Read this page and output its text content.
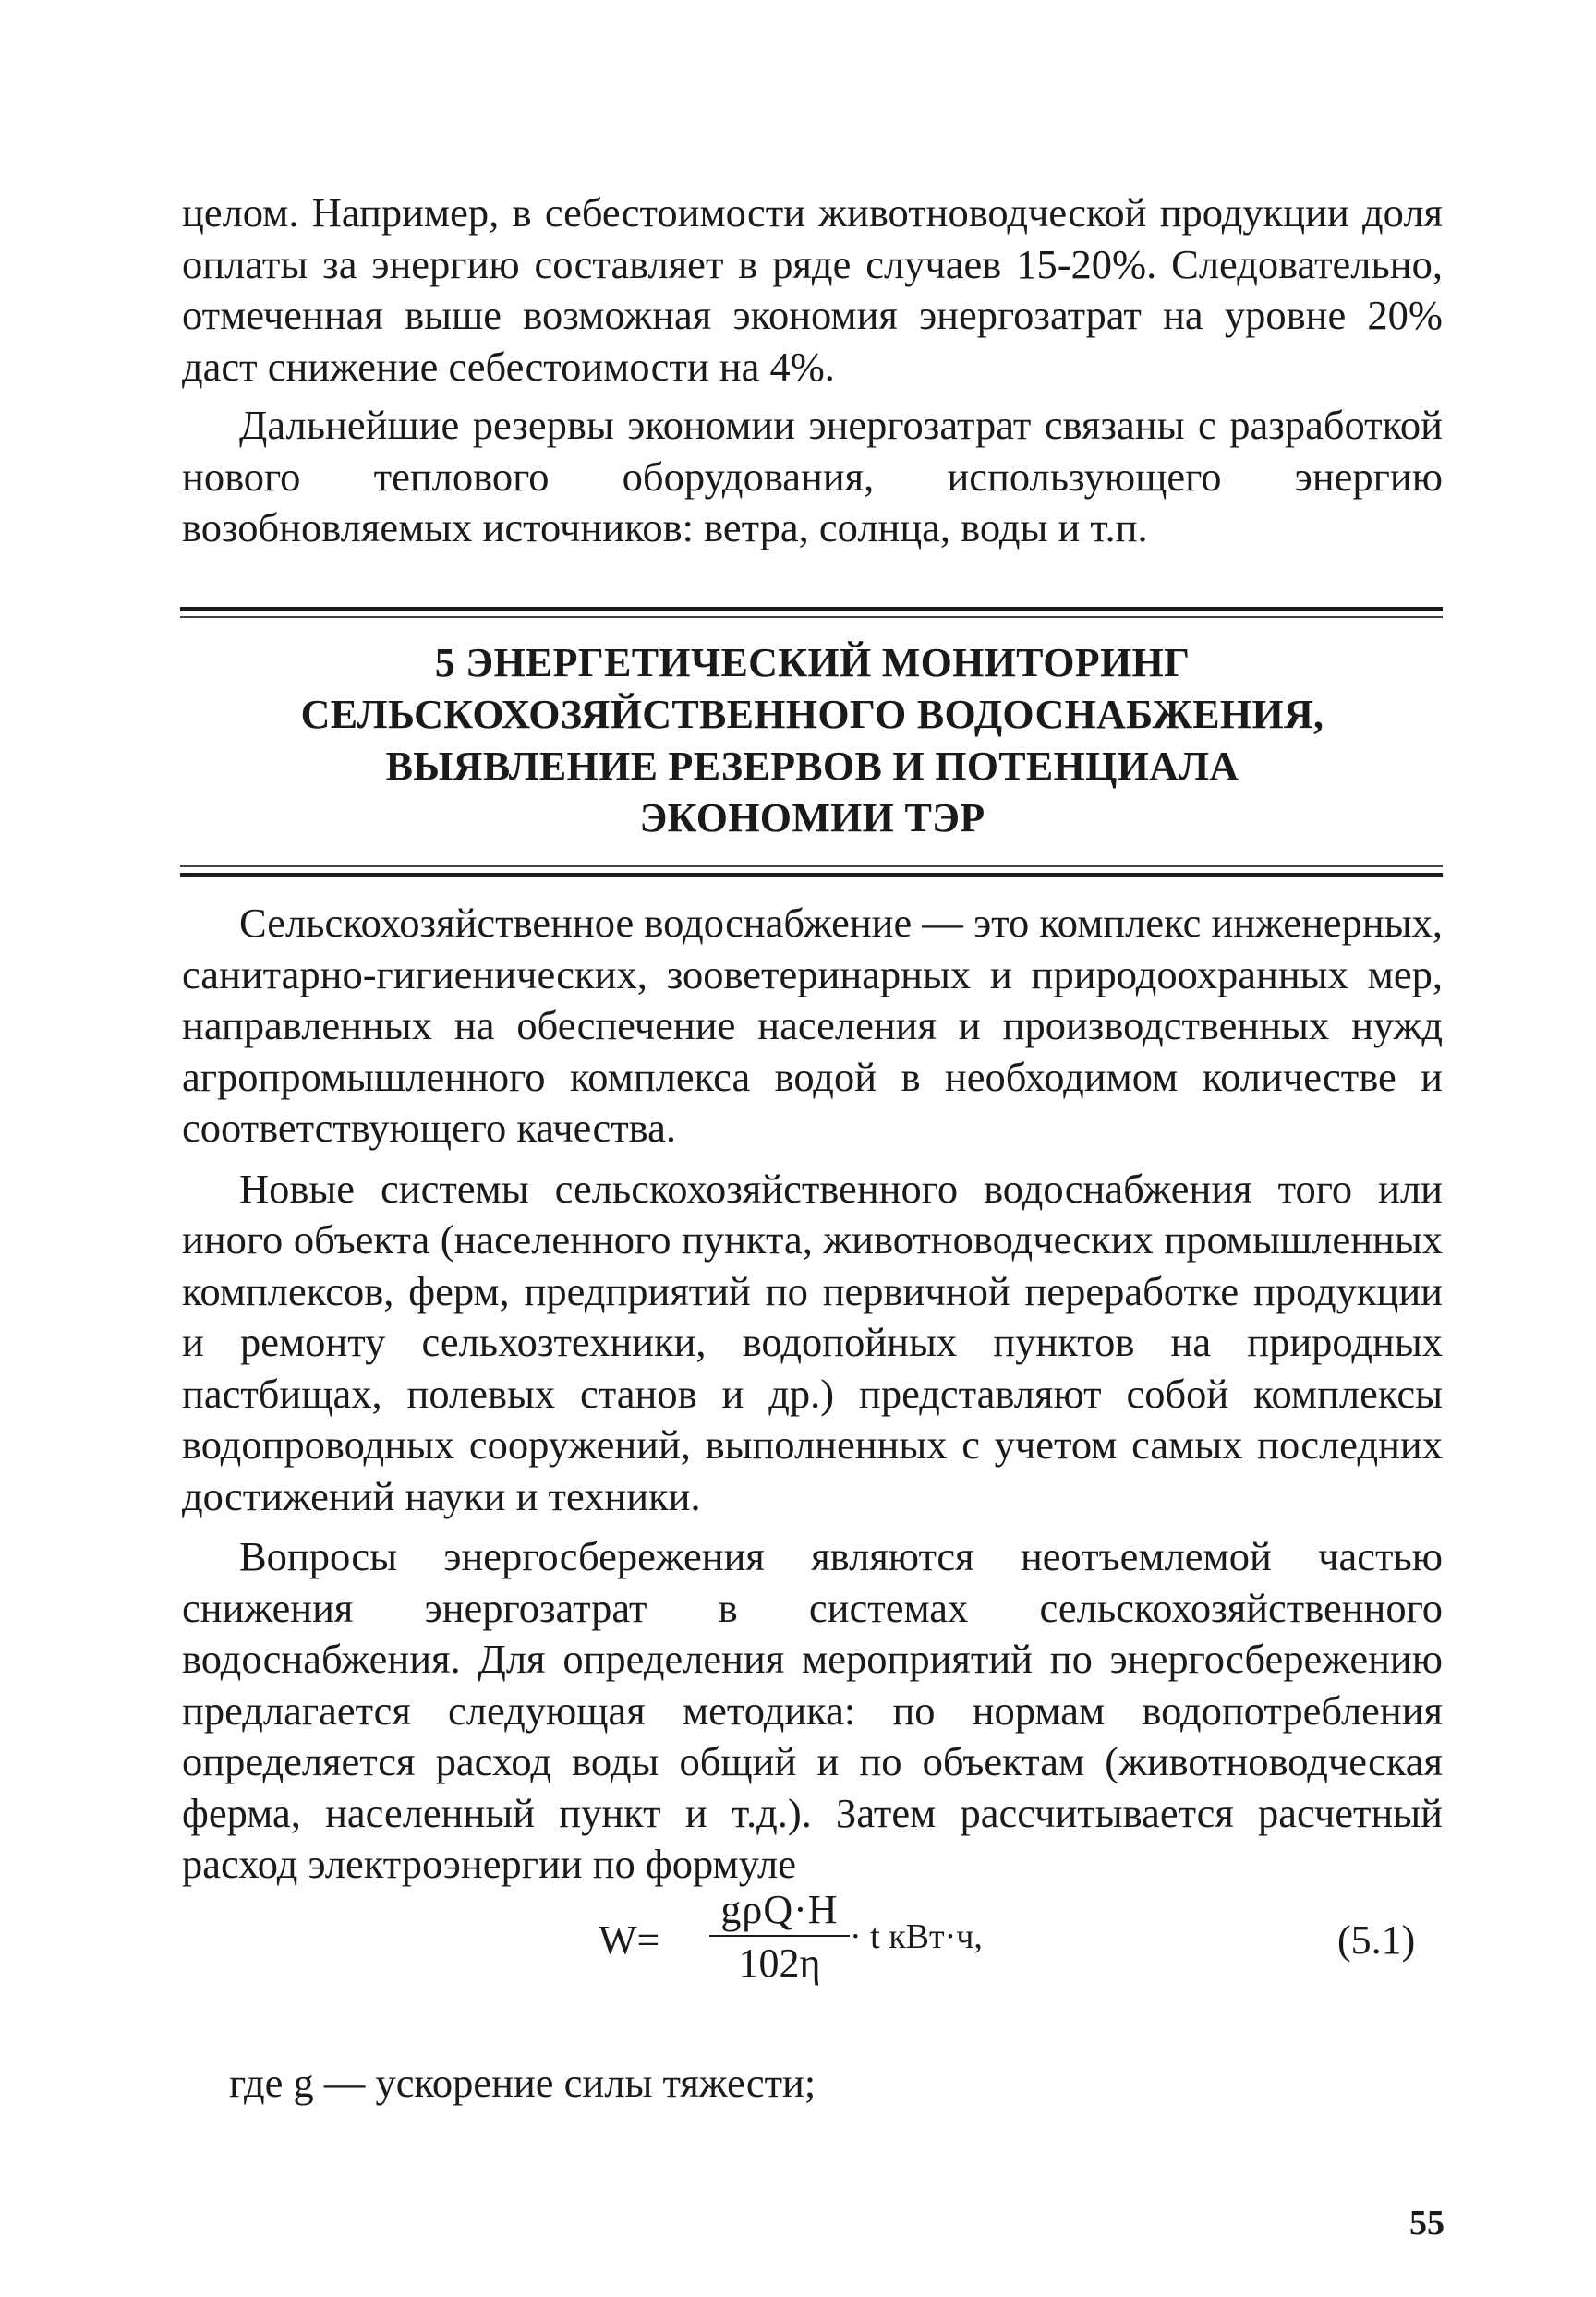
целом. Например, в себестоимости животноводческой продукции доля оплаты за энергию составляет в ряде случаев 15-20%. Следовательно, отмеченная выше возможная экономия энергозатрат на уровне 20% даст снижение себестоимости на 4%.

Дальнейшие резервы экономии энергозатрат связаны с разработкой нового теплового оборудования, использующего энергию возобновляемых источников: ветра, солнца, воды и т.п.

5 ЭНЕРГЕТИЧЕСКИЙ МОНИТОРИНГ
СЕЛЬСКОХОЗЯЙСТВЕННОГО ВОДОСНАБЖЕНИЯ,
ВЫЯВЛЕНИЕ РЕЗЕРВОВ И ПОТЕНЦИАЛА
ЭКОНОМИИ ТЭР

Сельскохозяйственное водоснабжение — это комплекс инженерных, санитарно-гигиенических, зооветеринарных и природоохранных мер, направленных на обеспечение населения и производственных нужд агропромышленного комплекса водой в необходимом количестве и соответствующего качества.

Новые системы сельскохозяйственного водоснабжения того или иного объекта (населенного пункта, животноводческих промышленных комплексов, ферм, предприятий по первичной переработке продукции и ремонту сельхозтехники, водопойных пунктов на природных пастбищах, полевых станов и др.) представляют собой комплексы водопроводных сооружений, выполненных с учетом самых последних достижений науки и техники.

Вопросы энергосбережения являются неотъемлемой частью снижения энергозатрат в системах сельскохозяйственного водоснабжения. Для определения мероприятий по энергосбережению предлагается следующая методика: по нормам водопотребления определяется расход воды общий и по объектам (животноводческая ферма, населенный пункт и т.д.). Затем рассчитывается расчетный расход электроэнергии по формуле

W=
gρQ·H
102η
· t кВт·ч,	(5.1)

где g — ускорение силы тяжести;

55
